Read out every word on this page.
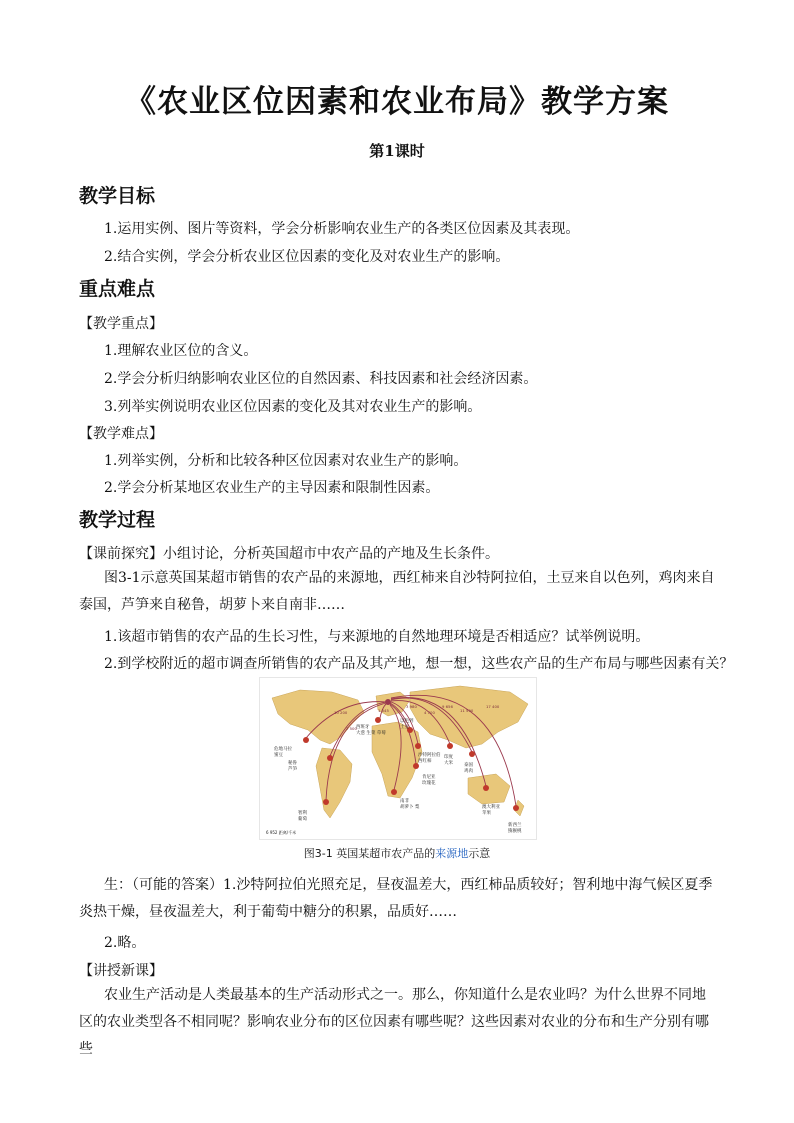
《农业区位因素和农业布局》教学方案
第1课时
教学目标
1.运用实例、图片等资料，学会分析影响农业生产的各类区位因素及其表现。
2.结合实例，学会分析农业区位因素的变化及对农业生产的影响。
重点难点
【教学重点】
1.理解农业区位的含义。
2.学会分析归纳影响农业区位的自然因素、科技因素和社会经济因素。
3.列举实例说明农业区位因素的变化及其对农业生产的影响。
【教学难点】
1.列举实例，分析和比较各种区位因素对农业生产的影响。
2.学会分析某地区农业生产的主导因素和限制性因素。
教学过程
【课前探究】小组讨论，分析英国超市中农产品的产地及生长条件。
图3-1示意英国某超市销售的农产品的来源地，西红柿来自沙特阿拉伯，土豆来自以色列，鸡肉来自泰国，芦笋来自秘鲁，胡萝卜来自南非……
1.该超市销售的农产品的生长习性，与来源地的自然地理环境是否相适应？试举例说明。
2.到学校附近的超市调查所销售的农产品及其产地，想一想，这些农产品的生产布局与哪些因素有关？
秘鲁
芦笋
智利
葡萄
危地马拉
蜜豆
西班牙
大葱 生菜 草莓
以色列
土豆
沙特阿拉伯
西红柿
印度
大米 泰国
鸡肉
南非
胡萝卜 梨	澳大利亚
苹果
新西兰
猕猴桃
肯尼亚
玫瑰花
6 952 距离/千米
1 545
3 980
4 700
9 656
11 590
17 400
10 200
7 500
图3-1 英国某超市农产品的来源地示意
生：（可能的答案）1.沙特阿拉伯光照充足，昼夜温差大，西红柿品质较好；智利地中海气候区夏季炎热干燥，昼夜温差大，利于葡萄中糖分的积累，品质好……
2.略。
【讲授新课】
农业生产活动是人类最基本的生产活动形式之一。那么，你知道什么是农业吗？为什么世界不同地区的农业类型各不相同呢？影响农业分布的区位因素有哪些呢？这些因素对农业的分布和生产分别有哪些
